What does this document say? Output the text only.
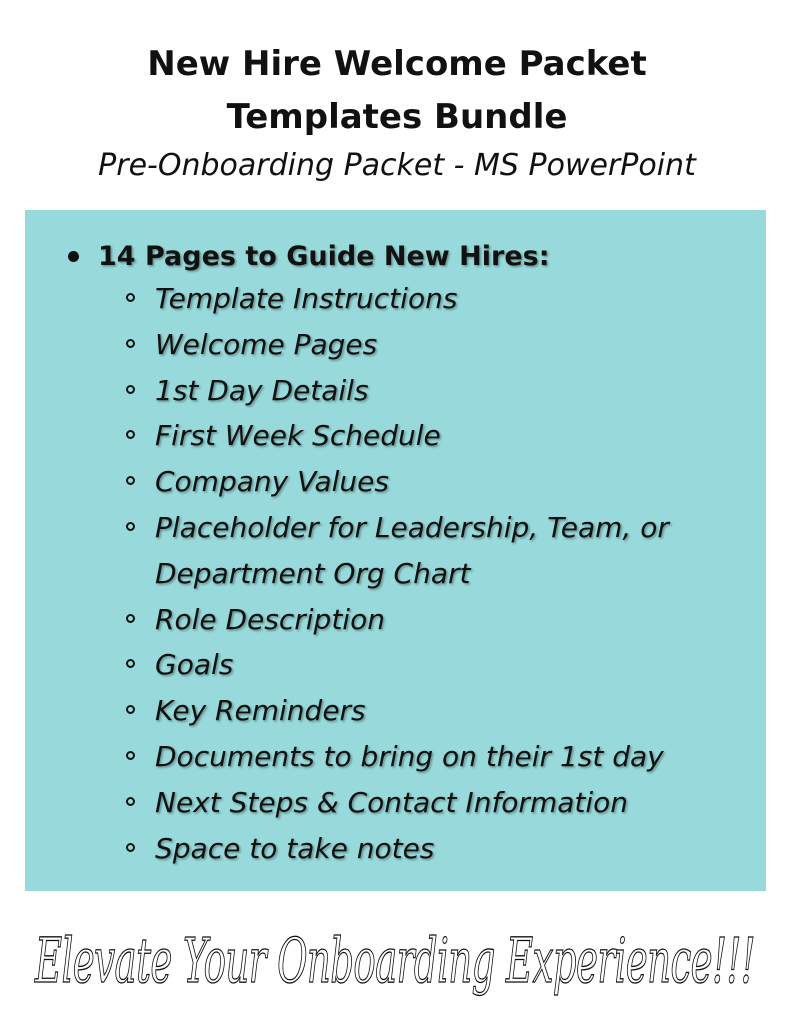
New Hire Welcome Packet
Templates Bundle
Pre-Onboarding Packet - MS PowerPoint
14 Pages to Guide New Hires:
Template Instructions
Welcome Pages
1st Day Details
First Week Schedule
Company Values
Placeholder for Leadership, Team, or Department Org Chart
Role Description
Goals
Key Reminders
Documents to bring on their 1st day
Next Steps & Contact Information
Space to take notes
Elevate Your Onboarding Experience!!!
